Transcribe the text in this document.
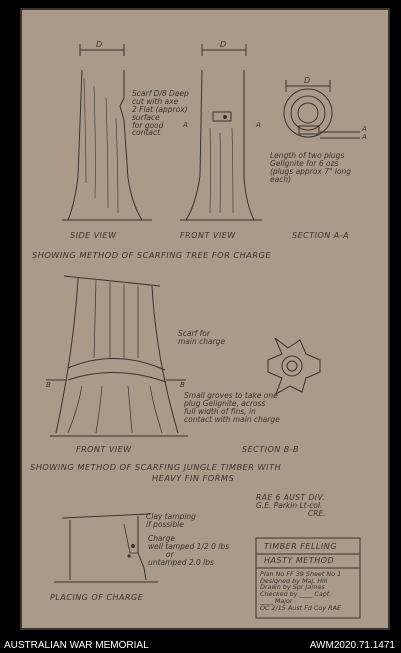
D	D
D
A	A	A
A
B	B
Scarf D/8 Deep
cut with axe
2 Flat (approx)
surface
for good
contact
Length of two plugs
Gelignite for 6 ozs
(plugs approx 7" long
each)
SIDE VIEW	FRONT VIEW	SECTION A-A
SHOWING METHOD OF SCARFING TREE FOR CHARGE
Scarf for
main charge
Small groves to take one
plug Gelignite, across
full width of fins, in
contact with main charge
FRONT VIEW	SECTION B-B
SHOWING METHOD OF SCARFING JUNGLE TIMBER WITH
HEAVY FIN FORMS
RAE 6 AUST DIV.
G.E. Parkin Lt-col.
CRE.
Clay tamping
if possible
Charge
well tamped 1/2 0 lbs
or
untamped 2.0 lbs
PLACING OF CHARGE
TIMBER FELLING
HASTY METHOD
Plan No FF 39 Sheet No 1
Designed by Maj. Hill
Drawn by Spr James
Checked by ____ Capt.
____ Major
OC 2/15 Aust Fd Coy RAE
AUSTRALIAN WAR MEMORIAL	AWM2020.71.1471
